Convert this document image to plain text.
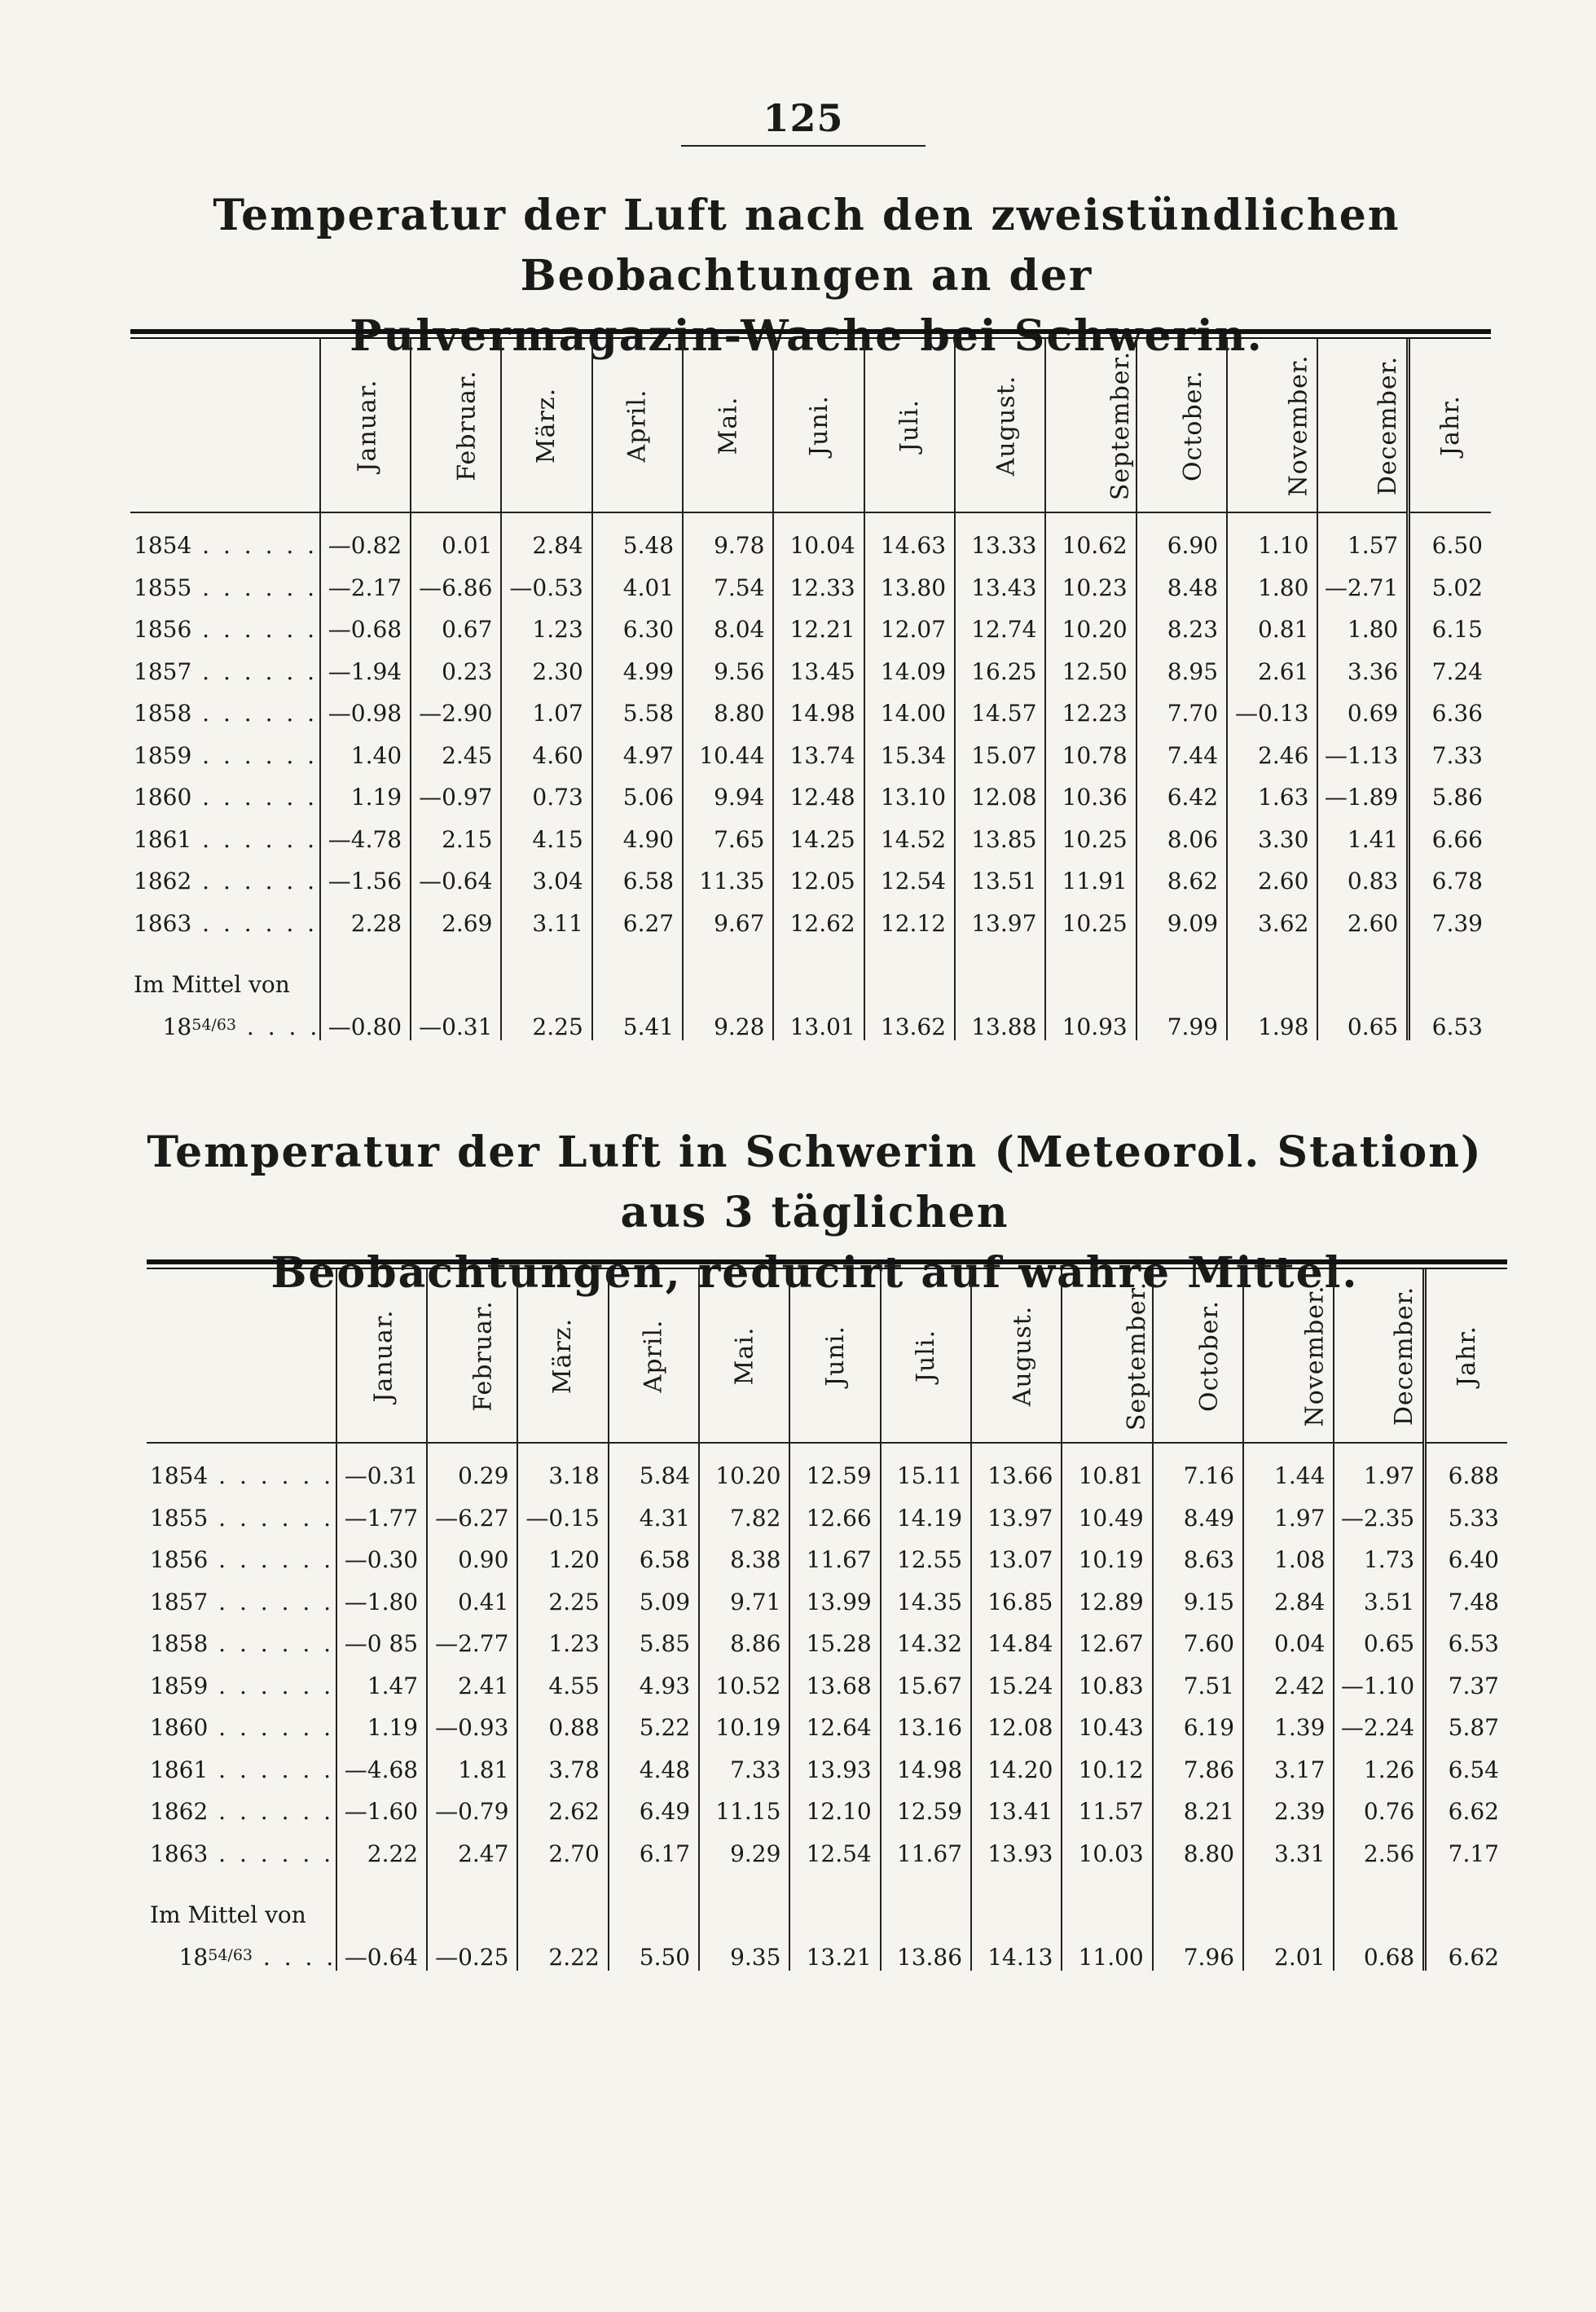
125
Temperatur der Luft nach den zweistündlichen Beobachtungen an der
Pulvermagazin-Wache bei Schwerin.
	Januar.	Februar.	März.	April.	Mai.	Juni.	Juli.	August.	September.	October.	November.	December.	Jahr.
1854 . . . . . .	—0.82	0.01	2.84	5.48	9.78	10.04	14.63	13.33	10.62	6.90	1.10	1.57	6.50
1855 . . . . . .	—2.17	—6.86	—0.53	4.01	7.54	12.33	13.80	13.43	10.23	8.48	1.80	—2.71	5.02
1856 . . . . . .	—0.68	0.67	1.23	6.30	8.04	12.21	12.07	12.74	10.20	8.23	0.81	1.80	6.15
1857 . . . . . .	—1.94	0.23	2.30	4.99	9.56	13.45	14.09	16.25	12.50	8.95	2.61	3.36	7.24
1858 . . . . . .	—0.98	—2.90	1.07	5.58	8.80	14.98	14.00	14.57	12.23	7.70	—0.13	0.69	6.36
1859 . . . . . .	1.40	2.45	4.60	4.97	10.44	13.74	15.34	15.07	10.78	7.44	2.46	—1.13	7.33
1860 . . . . . .	1.19	—0.97	0.73	5.06	9.94	12.48	13.10	12.08	10.36	6.42	1.63	—1.89	5.86
1861 . . . . . .	—4.78	2.15	4.15	4.90	7.65	14.25	14.52	13.85	10.25	8.06	3.30	1.41	6.66
1862 . . . . . .	—1.56	—0.64	3.04	6.58	11.35	12.05	12.54	13.51	11.91	8.62	2.60	0.83	6.78
1863 . . . . . .	2.28	2.69	3.11	6.27	9.67	12.62	12.12	13.97	10.25	9.09	3.62	2.60	7.39
Im Mittel von													
$18^{54/63}$ . . . .	—0.80	—0.31	2.25	5.41	9.28	13.01	13.62	13.88	10.93	7.99	1.98	0.65	6.53
Temperatur der Luft in Schwerin (Meteorol. Station) aus 3 täglichen
Beobachtungen, reducirt auf wahre Mittel.
	Januar.	Februar.	März.	April.	Mai.	Juni.	Juli.	August.	September.	October.	November.	December.	Jahr.
1854 . . . . . .	—0.31	0.29	3.18	5.84	10.20	12.59	15.11	13.66	10.81	7.16	1.44	1.97	6.88
1855 . . . . . .	—1.77	—6.27	—0.15	4.31	7.82	12.66	14.19	13.97	10.49	8.49	1.97	—2.35	5.33
1856 . . . . . .	—0.30	0.90	1.20	6.58	8.38	11.67	12.55	13.07	10.19	8.63	1.08	1.73	6.40
1857 . . . . . .	—1.80	0.41	2.25	5.09	9.71	13.99	14.35	16.85	12.89	9.15	2.84	3.51	7.48
1858 . . . . . .	—0 85	—2.77	1.23	5.85	8.86	15.28	14.32	14.84	12.67	7.60	0.04	0.65	6.53
1859 . . . . . .	1.47	2.41	4.55	4.93	10.52	13.68	15.67	15.24	10.83	7.51	2.42	—1.10	7.37
1860 . . . . . .	1.19	—0.93	0.88	5.22	10.19	12.64	13.16	12.08	10.43	6.19	1.39	—2.24	5.87
1861 . . . . . .	—4.68	1.81	3.78	4.48	7.33	13.93	14.98	14.20	10.12	7.86	3.17	1.26	6.54
1862 . . . . . .	—1.60	—0.79	2.62	6.49	11.15	12.10	12.59	13.41	11.57	8.21	2.39	0.76	6.62
1863 . . . . . .	2.22	2.47	2.70	6.17	9.29	12.54	11.67	13.93	10.03	8.80	3.31	2.56	7.17
Im Mittel von													
$18^{54/63}$ . . . .	—0.64	—0.25	2.22	5.50	9.35	13.21	13.86	14.13	11.00	7.96	2.01	0.68	6.62
